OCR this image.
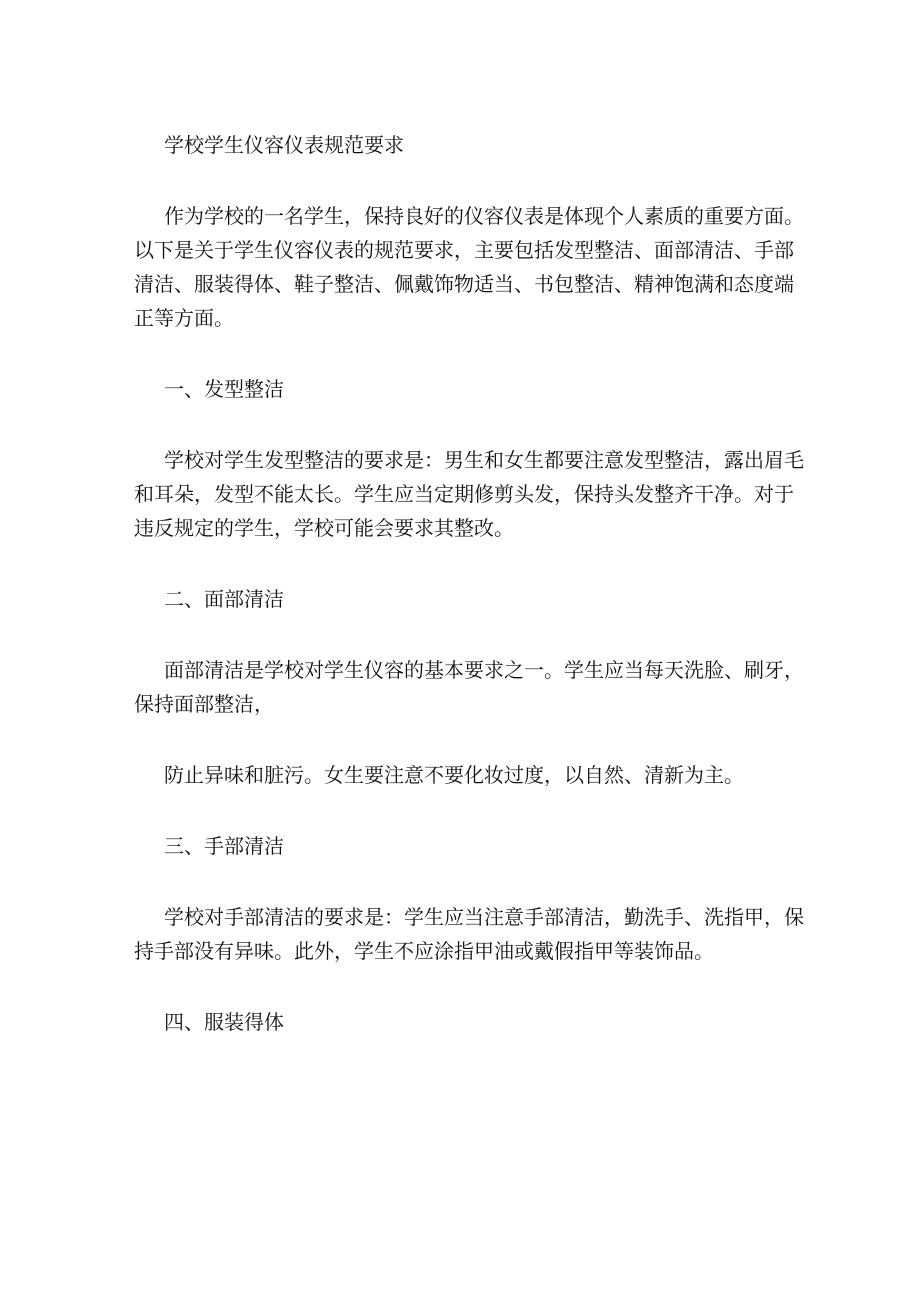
学校学生仪容仪表规范要求
作为学校的一名学生，保持良好的仪容仪表是体现个人素质的重要方面。以下是关于学生仪容仪表的规范要求，主要包括发型整洁、面部清洁、手部清洁、服装得体、鞋子整洁、佩戴饰物适当、书包整洁、精神饱满和态度端正等方面。
一、发型整洁
学校对学生发型整洁的要求是：男生和女生都要注意发型整洁，露出眉毛和耳朵，发型不能太长。学生应当定期修剪头发，保持头发整齐干净。对于违反规定的学生，学校可能会要求其整改。
二、面部清洁
面部清洁是学校对学生仪容的基本要求之一。学生应当每天洗脸、刷牙，保持面部整洁，
防止异味和脏污。女生要注意不要化妆过度，以自然、清新为主。
三、手部清洁
学校对手部清洁的要求是：学生应当注意手部清洁，勤洗手、洗指甲，保持手部没有异味。此外，学生不应涂指甲油或戴假指甲等装饰品。
四、服装得体
